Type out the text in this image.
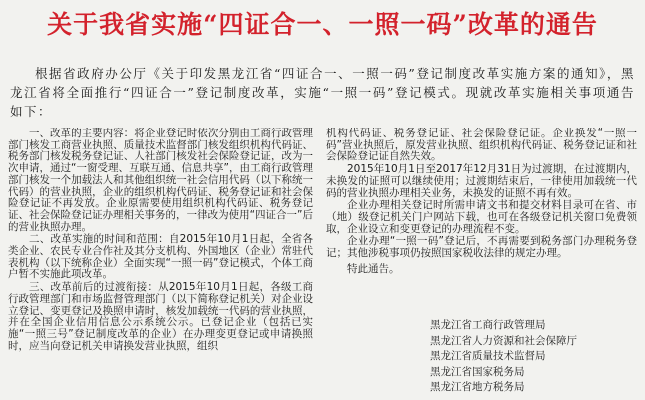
关于我省实施“四证合一、一照一码”改革的通告
根据省政府办公厅《关于印发黑龙江省“四证合一、一照一码”登记制度改革实施方案的通知》，黑龙江省将全面推行“四证合一”登记制度改革，实施“一照一码”登记模式。现就改革实施相关事项通告如下：

一、改革的主要内容：将企业登记时依次分别由工商行政管理部门核发工商营业执照、质量技术监督部门核发组织机构代码证、税务部门核发税务登记证、人社部门核发社会保险登记证，改为一次申请，通过“一窗受理、互联互通、信息共享”，由工商行政管理部门核发一个加载法人和其他组织统一社会信用代码（以下称统一代码）的营业执照，企业的组织机构代码证、税务登记证和社会保险登记证不再发放。企业原需要使用组织机构代码证、税务登记证、社会保险登记证办理相关事务的，一律改为使用“四证合一”后的营业执照办理。

二、改革实施的时间和范围：自2015年10月1日起，全省各类企业、农民专业合作社及其分支机构、外国地区（企业）常驻代表机构（以下统称企业）全面实现“一照一码”登记模式，个体工商户暂不实施此项改革。

三、改革前后的过渡衔接：从2015年10月1日起，各级工商行政管理部门和市场监督管理部门（以下简称登记机关）对企业设立登记、变更登记及换照申请时，核发加载统一代码的营业执照，并在全国企业信用信息公示系统公示。已登记企业（包括已实施“一照三号”登记制度改革的企业）在办理变更登记或申请换照时，应当向登记机关申请换发营业执照，组织

机构代码证、税务登记证、社会保险登记证。企业换发“一照一码”营业执照后，原发营业执照、组织机构代码证、税务登记证和社会保险登记证自然失效。

2015年10月1日至2017年12月31日为过渡期，在过渡期内，未换发的证照可以继续使用；过渡期结束后，一律使用加载统一代码的营业执照办理相关业务，未换发的证照不再有效。

企业办理相关登记时所需申请文书和提交材料目录可在省、市（地）级登记机关门户网站下载，也可在各级登记机关窗口免费领取，企业设立和变更登记的办理流程不变。

企业办理“一照一码”登记后，不再需要到税务部门办理税务登记；其他涉税事项仍按照国家税收法律的规定办理。

特此通告。

黑龙江省工商行政管理局
黑龙江省人力资源和社会保障厅
黑龙江省质量技术监督局
黑龙江省国家税务局
黑龙江省地方税务局
